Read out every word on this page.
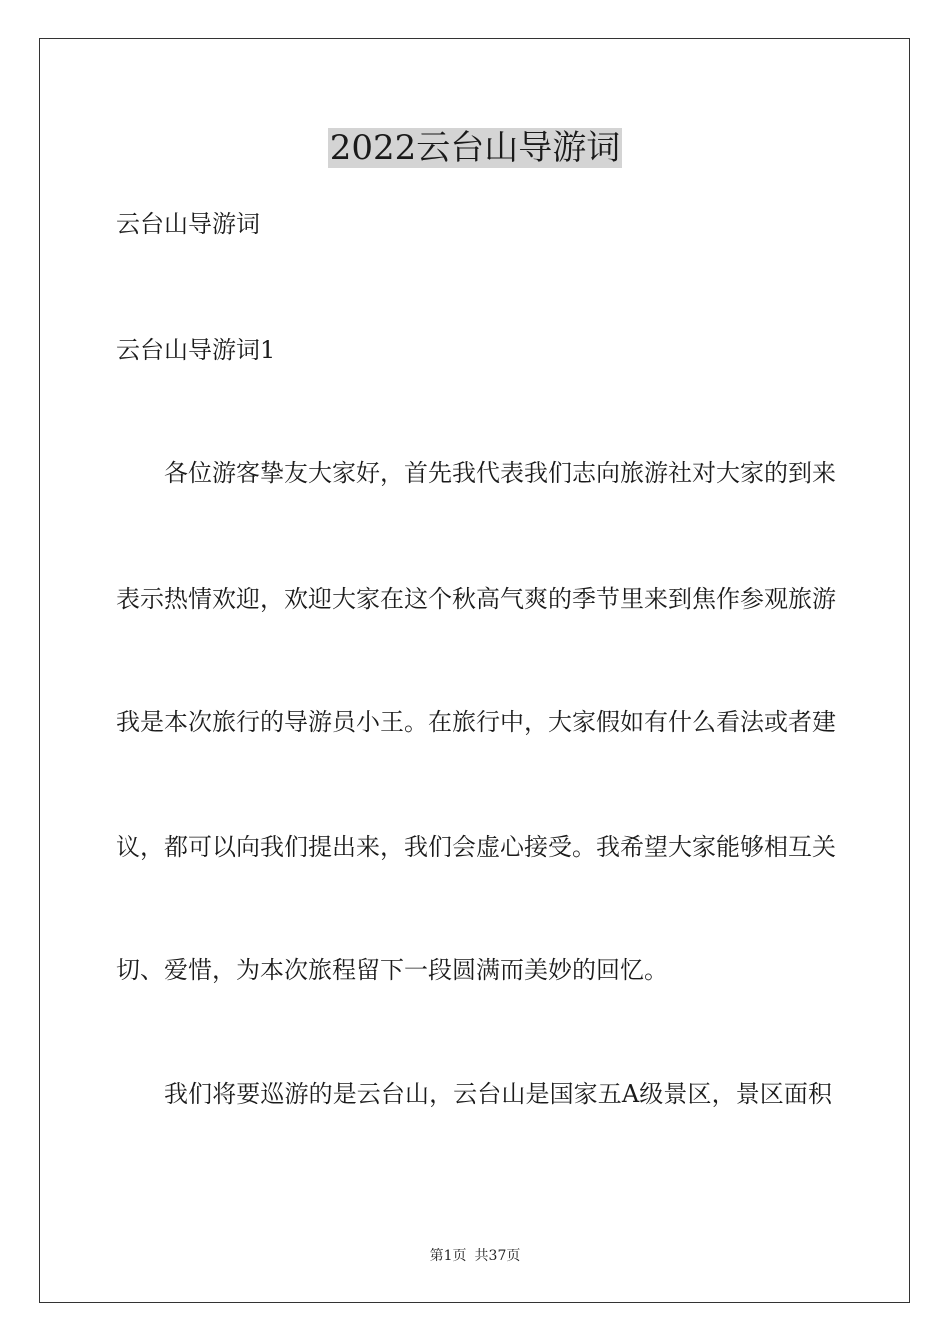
2022云台山导游词
云台山导游词
云台山导游词1
各位游客挚友大家好，首先我代表我们志向旅游社对大家的到来
表示热情欢迎，欢迎大家在这个秋高气爽的季节里来到焦作参观旅游
我是本次旅行的导游员小王。在旅行中，大家假如有什么看法或者建
议，都可以向我们提出来，我们会虚心接受。我希望大家能够相互关
切、爱惜，为本次旅程留下一段圆满而美妙的回忆。
我们将要巡游的是云台山，云台山是国家五A级景区，景区面积
第1页 共37页
